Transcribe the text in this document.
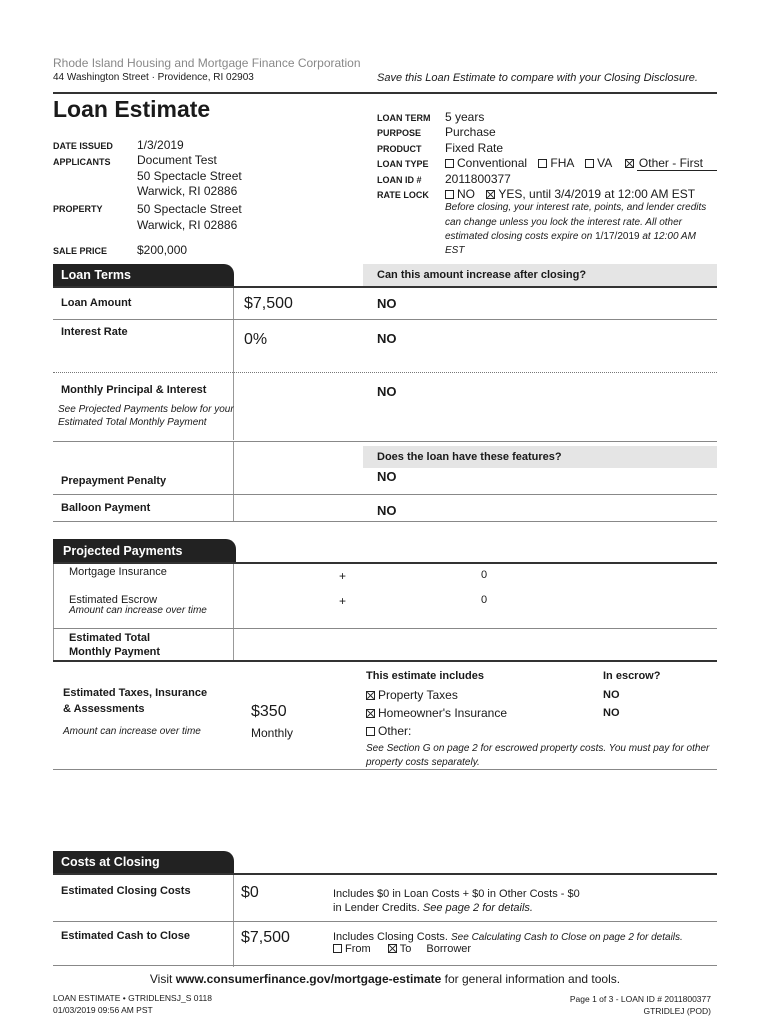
Rhode Island Housing and Mortgage Finance Corporation
44 Washington Street · Providence, RI 02903	Save this Loan Estimate to compare with your Closing Disclosure.
Loan Estimate
DATE ISSUED 1/3/2019
APPLICANTS Document Test
50 Spectacle Street
Warwick, RI 02886
PROPERTY	50 Spectacle Street
Warwick, RI 02886
SALE PRICE $200,000
LOAN TERM 5 years
PURPOSE Purchase
PRODUCT Fixed Rate
LOAN TYPE	Conventional FHA VA Other - First
LOAN ID # 2011800377
RATE LOCK	NO YES, until 3/4/2019 at 12:00 AM EST
Before closing, your interest rate, points, and lender credits
can change unless you lock the interest rate. All other
estimated closing costs expire on 1/17/2019 at 12:00 AM
EST
Loan Terms	Can this amount increase after closing?
Loan Amount	$7,500	NO
Interest Rate	0%	NO
Monthly Principal & Interest
See Projected Payments below for your
Estimated Total Monthly Payment
NO
Does the loan have these features?
Prepayment Penalty	NO
Balloon Payment	NO
Projected Payments
Mortgage Insurance	+	0
Estimated Escrow
Amount can increase over time
+	0
Estimated Total
Monthly Payment
Estimated Taxes, Insurance
& Assessments
Amount can increase over time
$350
Monthly
This estimate includes	In escrow?
Property Taxes	NO
Homeowner's Insurance	NO
Other:
See Section G on page 2 for escrowed property costs. You must pay for other
property costs separately.
Costs at Closing
Estimated Closing Costs	$0	Includes $0 in Loan Costs + $0 in Other Costs - $0
in Lender Credits. See page 2 for details.
Estimated Cash to Close	$7,500	Includes Closing Costs. See Calculating Cash to Close on page 2 for details.
From	To Borrower
Visit www.consumerfinance.gov/mortgage-estimate for general information and tools.
LOAN ESTIMATE • GTRIDLENSJ_S 0118
01/03/2019 09:56 AM PST
Page 1 of 3 - LOAN ID # 2011800377
GTRIDLEJ (POD)
